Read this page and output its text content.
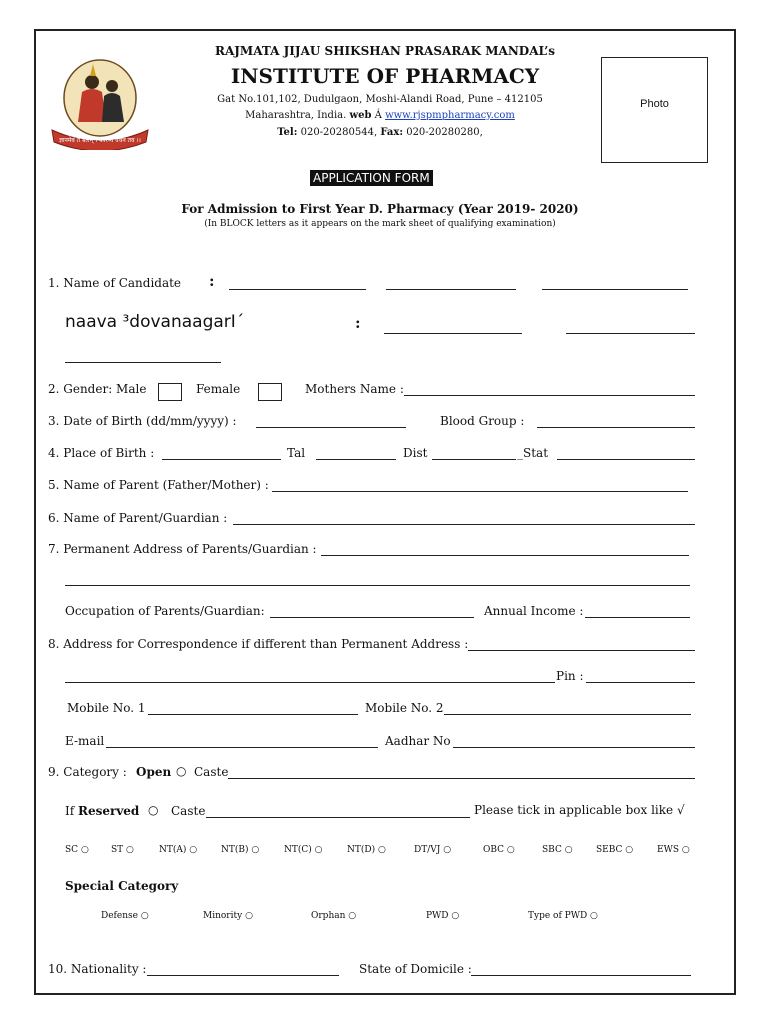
ज्ञानमेवं ते बलम् । करिष्ये वचनं तव ।।
RAJMATA JIJAU SHIKSHAN PRASARAK MANDAL’s
INSTITUTE OF PHARMACY
Gat No.101,102, Dudulgaon, Moshi-Alandi Road, Pune – 412105
Maharashtra, India. web Á www.rjspmpharmacy.com
Tel: 020-20280544, Fax: 020-20280280,
Photo
APPLICATION FORM
For Admission to First Year D. Pharmacy (Year 2019- 2020)
(In BLOCK letters as it appears on the mark sheet of qualifying examination)
1. Name of Candidate :
naava ³dovanaagarI´	:
2. Gender: Male	Female	Mothers Name :
3. Date of Birth (dd/mm/yyyy) :	Blood Group :
4. Place of Birth :	Tal	Dist	_Stat
5. Name of Parent (Father/Mother) :
6. Name of Parent/Guardian :
7. Permanent Address of Parents/Guardian :
Occupation of Parents/Guardian:	Annual Income :
8. Address for Correspondence if different than Permanent Address :
Pin :
Mobile No. 1	Mobile No. 2
E-mail	Aadhar No
9. Category : Open ○ Caste
If Reserved ○ Caste	Please tick in applicable box like √
SC ○ ST ○	NT(A) ○	NT(B) ○	NT(C) ○	NT(D) ○	DT/VJ ○	OBC ○	SBC ○	SEBC ○	EWS ○
Special Category
Defense ○	Minority ○	Orphan ○	PWD ○	Type of PWD ○
10. Nationality :	State of Domicile :
